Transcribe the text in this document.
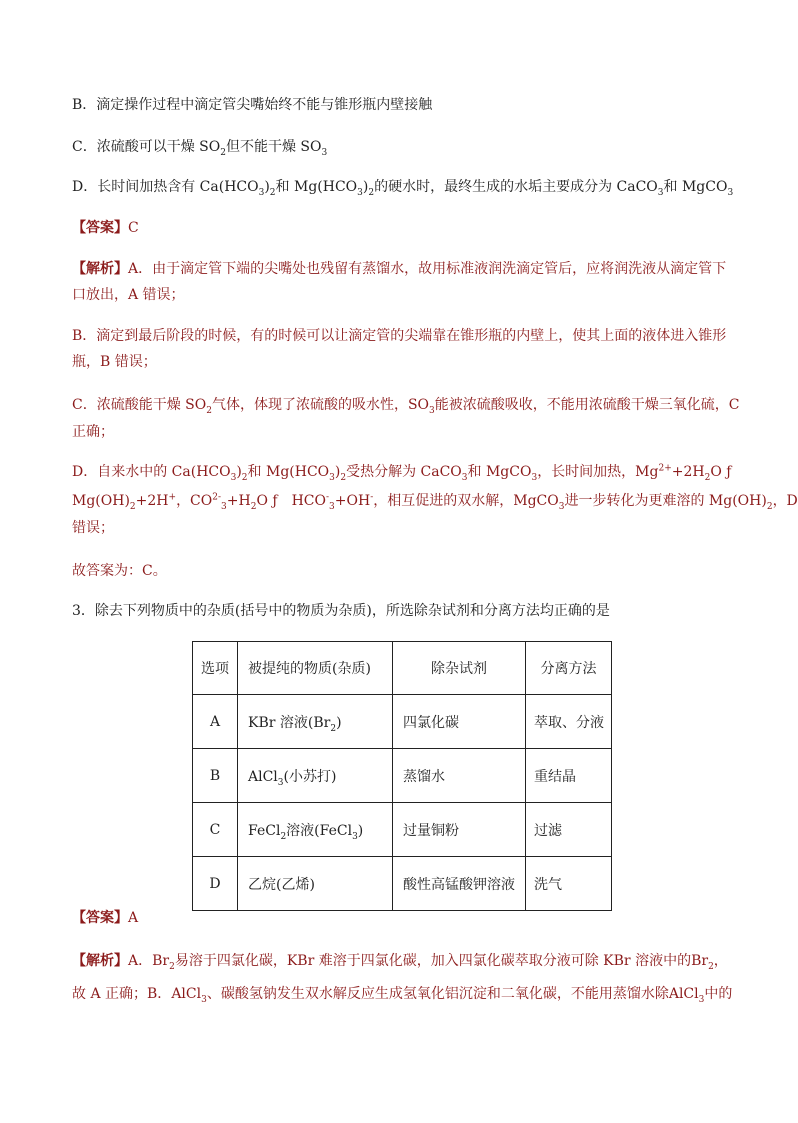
B．滴定操作过程中滴定管尖嘴始终不能与锥形瓶内壁接触
C．浓硫酸可以干燥 $SO_2$但不能干燥 $SO_3$
D．长时间加热含有 $Ca(HCO_3)_2$和 $Mg(HCO_3)_2$的硬水时，最终生成的水垢主要成分为 CaCO$_3$和 MgCO$_3$
【答案】C
【解析】A．由于滴定管下端的尖嘴处也残留有蒸馏水，故用标准液润洗滴定管后，应将润洗液从滴定管下
口放出，A 错误；
B．滴定到最后阶段的时候，有的时候可以让滴定管的尖端靠在锥形瓶的内壁上，使其上面的液体进入锥形
瓶，B 错误；
C．浓硫酸能干燥 $SO_2$气体，体现了浓硫酸的吸水性，$SO_3$能被浓硫酸吸收，不能用浓硫酸干燥三氧化硫，C
正确；
D．自来水中的 $Ca(HCO_3)_2$和 $Mg(HCO_3)_2$受热分解为 CaCO$_3$和 MgCO$_3$，长时间加热，$Mg^{2+}+2H_2O$ ƒ
$Mg(OH)_2+2H^+$，$CO^{2-}_3+H_2O$ ƒ　$HCO^-_3+OH^-$，相互促进的双水解，MgCO$_3$进一步转化为更难溶的 $Mg(OH)_2$，D
错误；
故答案为：C。
3．除去下列物质中的杂质(括号中的物质为杂质)，所选除杂试剂和分离方法均正确的是
选项	被提纯的物质(杂质)	除杂试剂	分离方法
A	KBr 溶液$(Br_2)$	四氯化碳	萃取、分液
B	AlCl$_3$(小苏打)	蒸馏水	重结晶
C	FeCl$_2$溶液(FeCl$_3$)	过量铜粉	过滤
D	乙烷(乙烯)	酸性高锰酸钾溶液	洗气
【答案】A
【解析】A．$Br_2$易溶于四氯化碳，KBr 难溶于四氯化碳，加入四氯化碳萃取分液可除 KBr 溶液中的$Br_2$，
故 A 正确；B．AlCl$_3$、碳酸氢钠发生双水解反应生成氢氧化铝沉淀和二氧化碳，不能用蒸馏水除AlCl$_3$中的
